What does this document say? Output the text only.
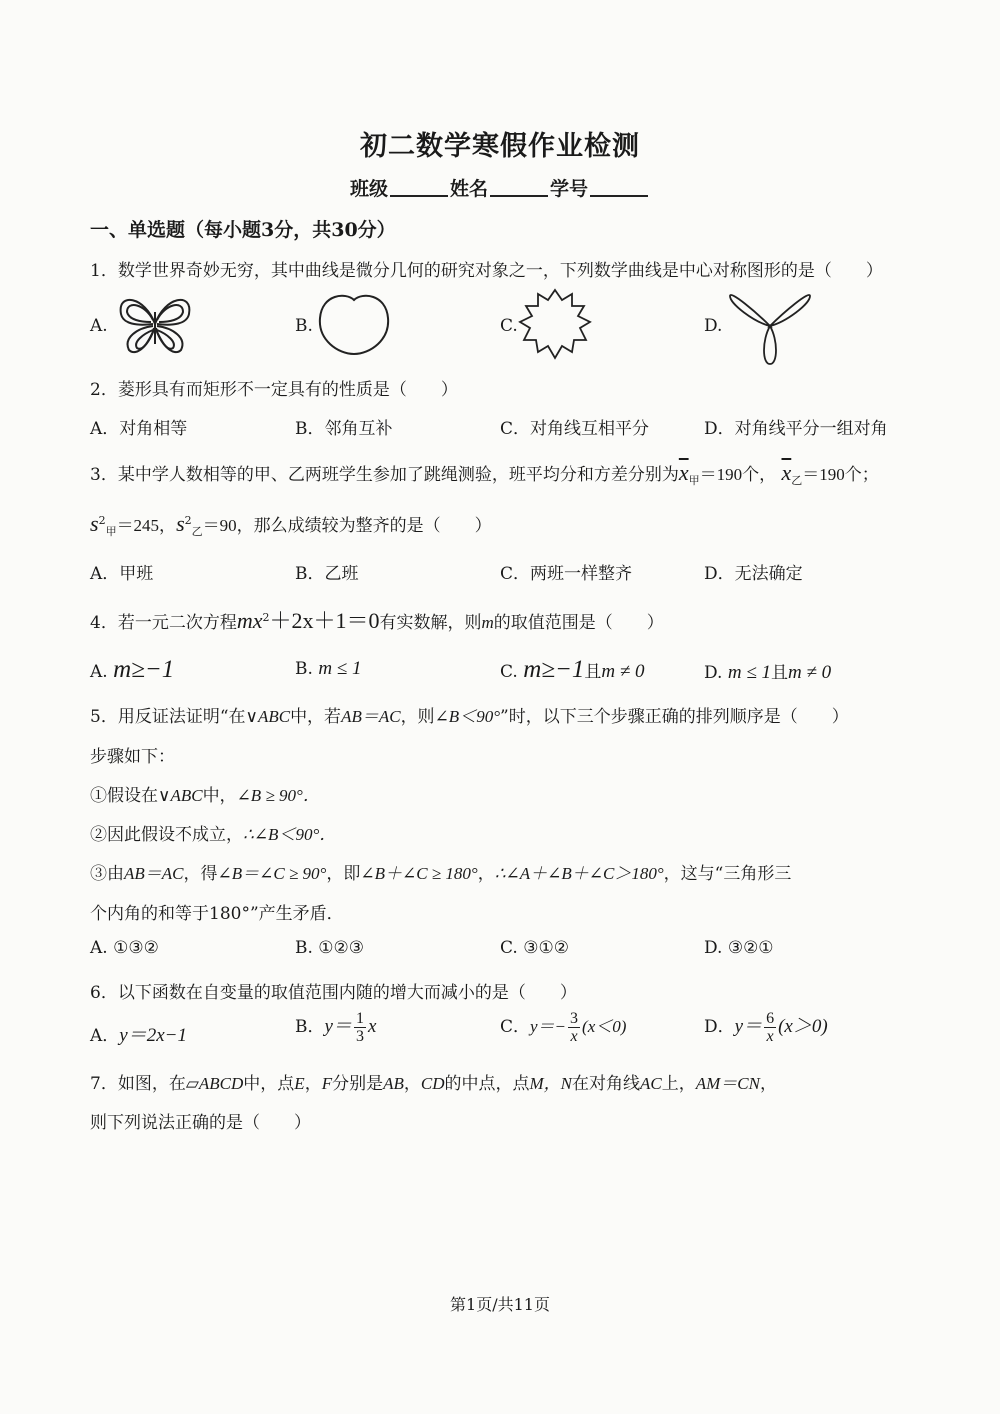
初二数学寒假作业检测
班级	姓名	学号
一、单选题（每小题3分，共30分）
1．数学世界奇妙无穷，其中曲线是微分几何的研究对象之一，下列数学曲线是中心对称图形的是（　　）
A.	B.	C.	D.
2．菱形具有而矩形不一定具有的性质是（　　）
A．对角相等	B．邻角互补	C．对角线互相平分	D．对角线平分一组对角
3．某中学人数相等的甲、乙两班学生参加了跳绳测验，班平均分和方差分别为$\overline{x}_甲=190$个， $\overline{x}_乙=190$个；
$s^2_甲=245$，$s^2_乙=90$，那么成绩较为整齐的是（　　）
A．甲班	B．乙班	C．两班一样整齐	D．无法确定
4．若一元二次方程$mx^2+2x+1=0$有实数解，则m的取值范围是（　　）
A. m≥−1	B. m ≤ 1	C. m≥−1且m ≠ 0	D. m ≤ 1且m ≠ 0
5．用反证法证明“在∨ABC中，若AB＝AC，则∠B＜90°”时，以下三个步骤正确的排列顺序是（　　）
步骤如下：
①假设在∨ABC中，∠B ≥ 90°．
②因此假设不成立，∴∠B＜90°．
③由AB＝AC，得∠B＝∠C ≥ 90°，即∠B＋∠C ≥ 180°，∴∠A＋∠B＋∠C＞180°，这与“三角形三
个内角的和等于180°”产生矛盾．
A. ①③②	B. ①②③	C. ③①②	D. ③②①
6．以下函数在自变量的取值范围内随的增大而减小的是（　　）
A．y＝2x−1	B．$y= \frac{1}{3}$ x	C．$y=- \frac{3}{x} (x<0)$	D．$y= \frac{6}{x} (x>0)$
7．如图，在▱ABCD中，点E，F分别是AB，CD的中点，点M，N在对角线AC上，AM＝CN，
则下列说法正确的是（　　）
第1页/共11页
